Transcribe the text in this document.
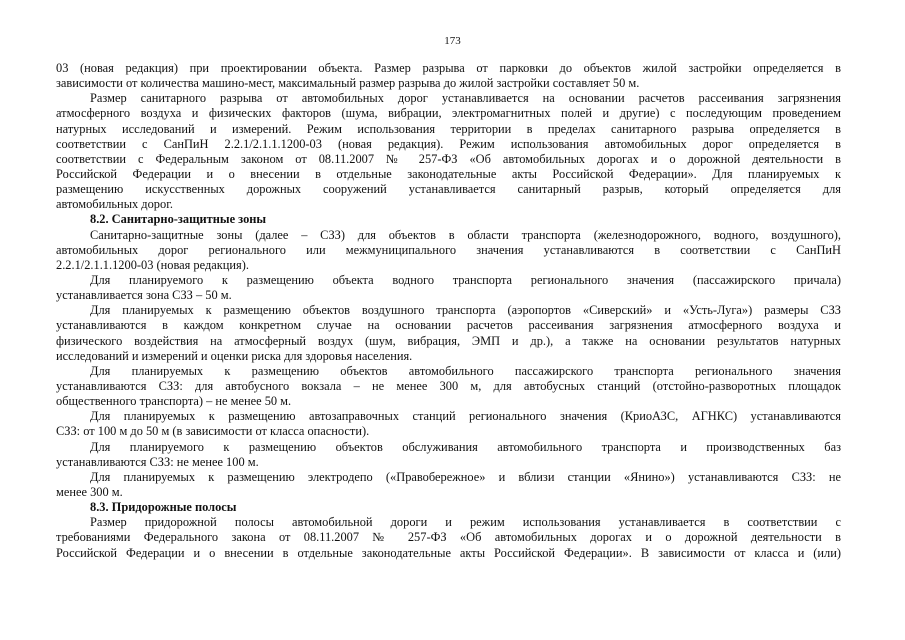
173
03 (новая редакция) при проектировании объекта. Размер разрыва от парковки до объектов жилой застройки определяется в
зависимости от количества машино-мест, максимальный размер разрыва до жилой застройки составляет 50 м.
Размер санитарного разрыва от автомобильных дорог устанавливается на основании расчетов рассеивания загрязнения
атмосферного воздуха и физических факторов (шума, вибрации, электромагнитных полей и другие) с последующим проведением
натурных исследований и измерений. Режим использования территории в пределах санитарного разрыва определяется в
соответствии с СанПиН 2.2.1/2.1.1.1200-03 (новая редакция). Режим использования автомобильных дорог определяется в
соответствии с Федеральным законом от 08.11.2007 № 257-ФЗ «Об автомобильных дорогах и о дорожной деятельности в
Российской Федерации и о внесении в отдельные законодательные акты Российской Федерации». Для планируемых к
размещению искусственных дорожных сооружений устанавливается санитарный разрыв, который определяется для
автомобильных дорог.
8.2. Санитарно-защитные зоны
Санитарно-защитные зоны (далее – СЗЗ) для объектов в области транспорта (железнодорожного, водного, воздушного),
автомобильных дорог регионального или межмуниципального значения устанавливаются в соответствии с СанПиН
2.2.1/2.1.1.1200-03 (новая редакция).
Для планируемого к размещению объекта водного транспорта регионального значения (пассажирского причала)
устанавливается зона СЗЗ – 50 м.
Для планируемых к размещению объектов воздушного транспорта (аэропортов «Сиверский» и «Усть-Луга») размеры СЗЗ
устанавливаются в каждом конкретном случае на основании расчетов рассеивания загрязнения атмосферного воздуха и
физического воздействия на атмосферный воздух (шум, вибрация, ЭМП и др.), а также на основании результатов натурных
исследований и измерений и оценки риска для здоровья населения.
Для планируемых к размещению объектов автомобильного пассажирского транспорта регионального значения
устанавливаются СЗЗ: для автобусного вокзала – не менее 300 м, для автобусных станций (отстойно-разворотных площадок
общественного транспорта) – не менее 50 м.
Для планируемых к размещению автозаправочных станций регионального значения (КриоАЗС, АГНКС) устанавливаются
СЗЗ: от 100 м до 50 м (в зависимости от класса опасности).
Для планируемого к размещению объектов обслуживания автомобильного транспорта и производственных баз
устанавливаются СЗЗ: не менее 100 м.
Для планируемых к размещению электродепо («Правобережное» и вблизи станции «Янино») устанавливаются СЗЗ: не
менее 300 м.
8.3. Придорожные полосы
Размер придорожной полосы автомобильной дороги и режим использования устанавливается в соответствии с
требованиями Федерального закона от 08.11.2007 № 257-ФЗ «Об автомобильных дорогах и о дорожной деятельности в
Российской Федерации и о внесении в отдельные законодательные акты Российской Федерации». В зависимости от класса и (или)
